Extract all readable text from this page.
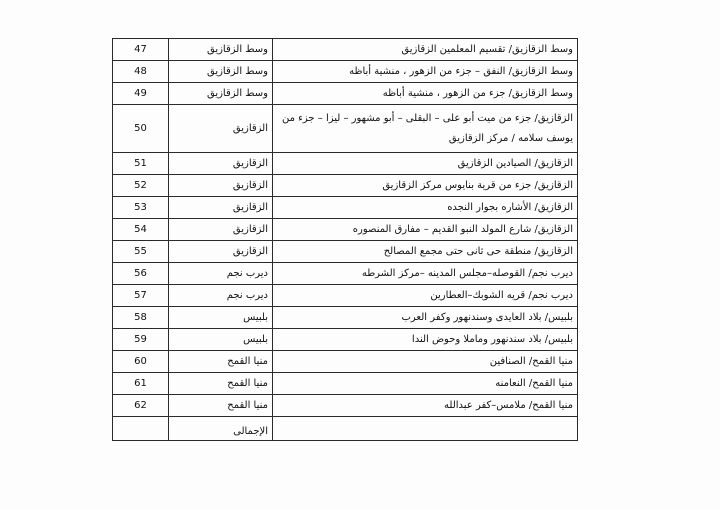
47	وسط الزقازيق	وسط الزقازيق/ تقسيم المعلمين الزقازيق
48	وسط الزقازيق	وسط الزقازيق/ النفق – جزء من الزهور ، منشية أباظه
49	وسط الزقازيق	وسط الزقازيق/ جزء من الزهور ، منشية أباظه
50	الزقازيق	الزقازيق/ جزء من ميت أبو على – البقلى – أبو مشهور – ليزا – جزء من يوسف سلامه / مركز الزقازيق
51	الزقازيق	الزقازيق/ الصيادين الزقازيق
52	الزقازيق	الزقازيق/ جزء من قرية بنايوس مركز الزقازيق
53	الزقازيق	الزقازيق/ الأشاره بجوار النجده
54	الزقازيق	الزقازيق/ شارع المولد النبو القديم – مفارق المنصوره
55	الزقازيق	الزقازيق/ منطقة حى ثانى حتى مجمع المصالح
56	ديرب نجم	ديرب نجم/ القوصله–مجلس المدينه –مركز الشرطه
57	ديرب نجم	ديرب نجم/ قريه الشوبك–العطارين
58	بلبيس	بلبيس/ بلاد العايدى وسندنهور وكفر العرب
59	بلبيس	بلبيس/ بلاد سندنهور وماملا وحوض الندا
60	منيا القمح	منيا القمح/ الصنافين
61	منيا القمح	منيا القمح/ النعامنه
62	منيا القمح	منيا القمح/ ملامس–كفر عبدالله
	الإجمالى	
